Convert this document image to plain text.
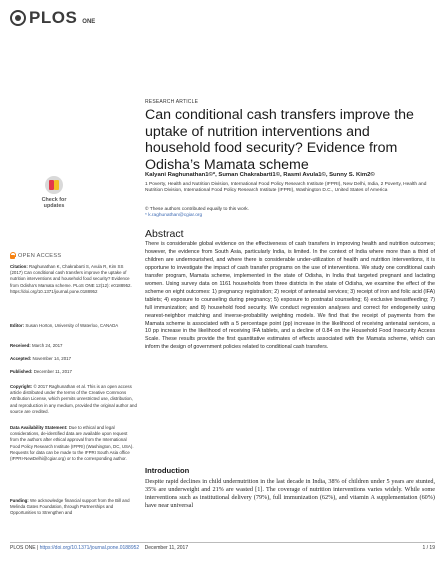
PLOS ONE
Check for updates
OPEN ACCESS
Citation: Raghunathan K, Chakrabarti S, Avula R, Kim SS (2017) Can conditional cash transfers improve the uptake of nutrition interventions and household food security? Evidence from Odisha’s Mamata scheme. PLoS ONE 12(12): e0188952. https://doi.org/10.1371/journal.pone.0188952
Editor: Susan Horton, University of Waterloo, CANADA
Received: March 24, 2017
Accepted: November 14, 2017
Published: December 11, 2017
Copyright: © 2017 Raghunathan et al. This is an open access article distributed under the terms of the Creative Commons Attribution License, which permits unrestricted use, distribution, and reproduction in any medium, provided the original author and source are credited.
Data Availability Statement: Due to ethical and legal considerations, de-identified data are available upon request from the authors after ethical approval from the International Food Policy Research Institute (IFPRI) (Washington, DC, USA). Requests for data can be made to the IFPRI South Asia office (IFPRI-NewDelhi@cgiar.org) or to the corresponding author.
Funding: We acknowledge financial support from the Bill and Melinda Gates Foundation, through Partnerships and Opportunities to Strengthen and
RESEARCH ARTICLE
Can conditional cash transfers improve the uptake of nutrition interventions and household food security? Evidence from Odisha’s Mamata scheme
Kalyani Raghunathan1©*, Suman Chakrabarti1©, Rasmi Avula1©, Sunny S. Kim2©
1 Poverty, Health and Nutrition Division, International Food Policy Research Institute (IFPRI), New Delhi, India, 2 Poverty, Health and Nutrition Division, International Food Policy Research Institute (IFPRI), Washington D.C., United States of America
© These authors contributed equally to this work.
* k.raghunathan@cgiar.org
Abstract
There is considerable global evidence on the effectiveness of cash transfers in improving health and nutrition outcomes; however, the evidence from South Asia, particularly India, is limited. In the context of India where more than a third of children are undernourished, and where there is considerable under-utilization of health and nutrition interventions, it is opportune to investigate the impact of cash transfer programs on the use of interventions. We study one conditional cash transfer program, Mamata scheme, implemented in the state of Odisha, in India that targeted pregnant and lactating women. Using survey data on 1161 households from three districts in the state of Odisha, we examine the effect of the scheme on eight outcomes: 1) pregnancy registration; 2) receipt of antenatal services; 3) receipt of iron and folic acid (IFA) tablets; 4) exposure to counseling during pregnancy; 5) exposure to postnatal counseling; 6) exclusive breastfeeding; 7) full immunization; and 8) household food security. We conduct regression analyses and correct for endogeneity using nearest-neighbor matching and inverse-probability weighting models. We find that the receipt of payments from the Mamata scheme is associated with a 5 percentage point (pp) increase in the likelihood of receiving antenatal services, a 10 pp increase in the likelihood of receiving IFA tablets, and a decline of 0.84 on the Household Food Insecurity Access Scale. These results provide the first quantitative estimates of effects associated with the Mamata scheme, which can inform the design of government policies related to conditional cash transfers.
Introduction
Despite rapid declines in child undernutrition in the last decade in India, 38% of children under 5 years are stunted, 35% are underweight and 21% are wasted [1]. The coverage of nutrition interventions varies widely. While some interventions such as institutional delivery (79%), full immunization (62%), and vitamin A supplementation (60%) have near universal
PLOS ONE | https://doi.org/10.1371/journal.pone.0188952 December 11, 2017	1 / 19
